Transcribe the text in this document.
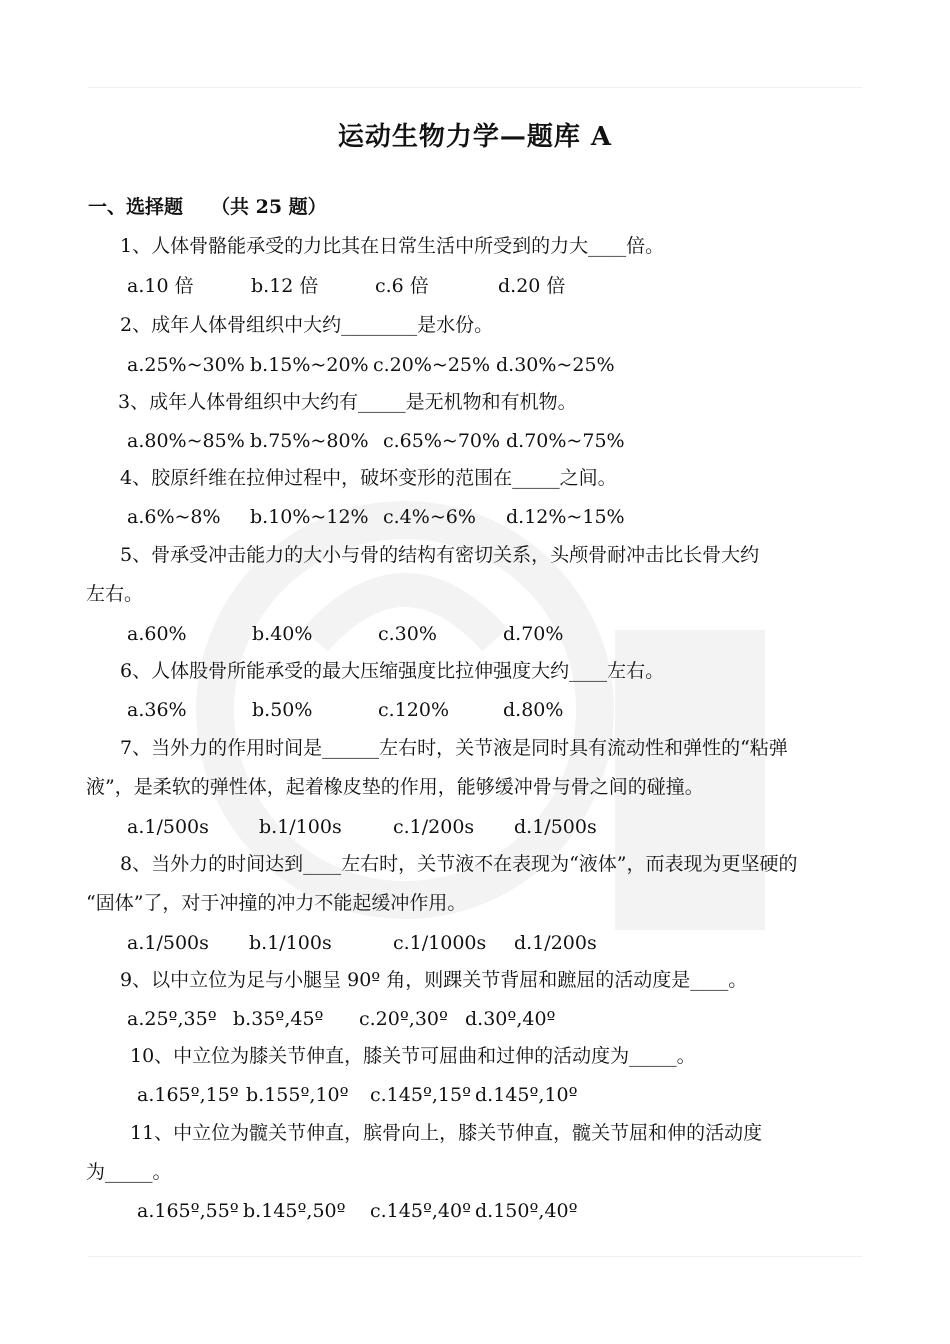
运动生物力学—题库 A
一、选择题 （共 25 题）
1、人体骨骼能承受的力比其在日常生活中所受到的力大____倍。
a.10 倍	b.12 倍	c.6 倍	d.20 倍
2、成年人体骨组织中大约________是水份。
a.25%~30% b.15%~20% c.20%~25% d.30%~25%
3、成年人体骨组织中大约有_____是无机物和有机物。
a.80%~85% b.75%~80% c.65%~70% d.70%~75%
4、胶原纤维在拉伸过程中，破坏变形的范围在_____之间。
a.6%~8% b.10%~12% c.4%~6% d.12%~15%
5、骨承受冲击能力的大小与骨的结构有密切关系，头颅骨耐冲击比长骨大约
左右。
a.60%	b.40%	c.30%	d.70%
6、人体股骨所能承受的最大压缩强度比拉伸强度大约____左右。
a.36%	b.50%	c.120%	d.80%
7、当外力的作用时间是______左右时，关节液是同时具有流动性和弹性的“粘弹
液”，是柔软的弹性体，起着橡皮垫的作用，能够缓冲骨与骨之间的碰撞。
a.1/500s	b.1/100s	c.1/200s d.1/500s
8、当外力的时间达到____左右时，关节液不在表现为“液体”，而表现为更坚硬的
“固体”了，对于冲撞的冲力不能起缓冲作用。
a.1/500s b.1/100s	c.1/1000s d.1/200s
9、以中立位为足与小腿呈 90º 角，则踝关节背屈和蹠屈的活动度是____。
a.25º,35º b.35º,45º c.20º,30º d.30º,40º
10、中立位为膝关节伸直，膝关节可屈曲和过伸的活动度为_____。
a.165º,15º b.155º,10º c.145º,15º d.145º,10º
11、中立位为髋关节伸直，膑骨向上，膝关节伸直，髋关节屈和伸的活动度
为_____。
a.165º,55º b.145º,50º c.145º,40º d.150º,40º
